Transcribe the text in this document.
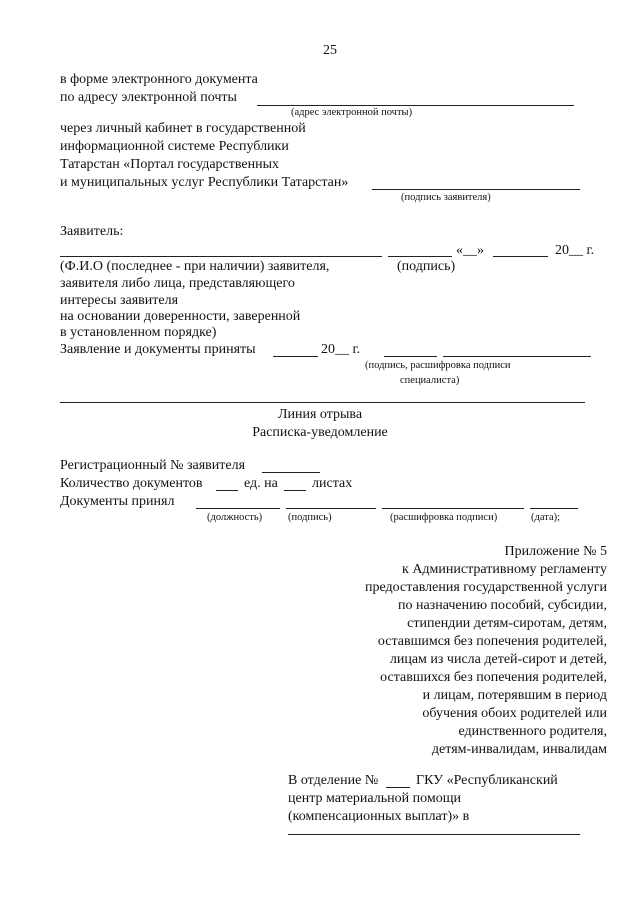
25
в форме электронного документа
по адресу электронной почты
(адрес электронной почты)
через личный кабинет в государственной
информационной системе Республики
Татарстан «Портал государственных
и муниципальных услуг Республики Татарстан»
(подпись заявителя)
Заявитель:
«__»	20__ г.
(Ф.И.О (последнее - при наличии) заявителя,
заявителя либо лица, представляющего
интересы заявителя
на основании доверенности, заверенной
в установленном порядке)
(подпись)
Заявление и документы приняты	20__ г.
(подпись, расшифровка подписи
специалиста)
Линия отрыва
Расписка-уведомление
Регистрационный № заявителя
Количество документов	ед. на листах
Документы принял
(должность) (подпись)	(расшифровка подписи)	(дата);
Приложение № 5
к Административному регламенту
предоставления государственной услуги
по назначению пособий, субсидии,
стипендии детям-сиротам, детям,
оставшимся без попечения родителей,
лицам из числа детей-сирот и детей,
оставшихся без попечения родителей,
и лицам, потерявшим в период
обучения обоих родителей или
единственного родителя,
детям-инвалидам, инвалидам
В отделение №	ГКУ «Республиканский
центр материальной помощи
(компенсационных выплат)» в
